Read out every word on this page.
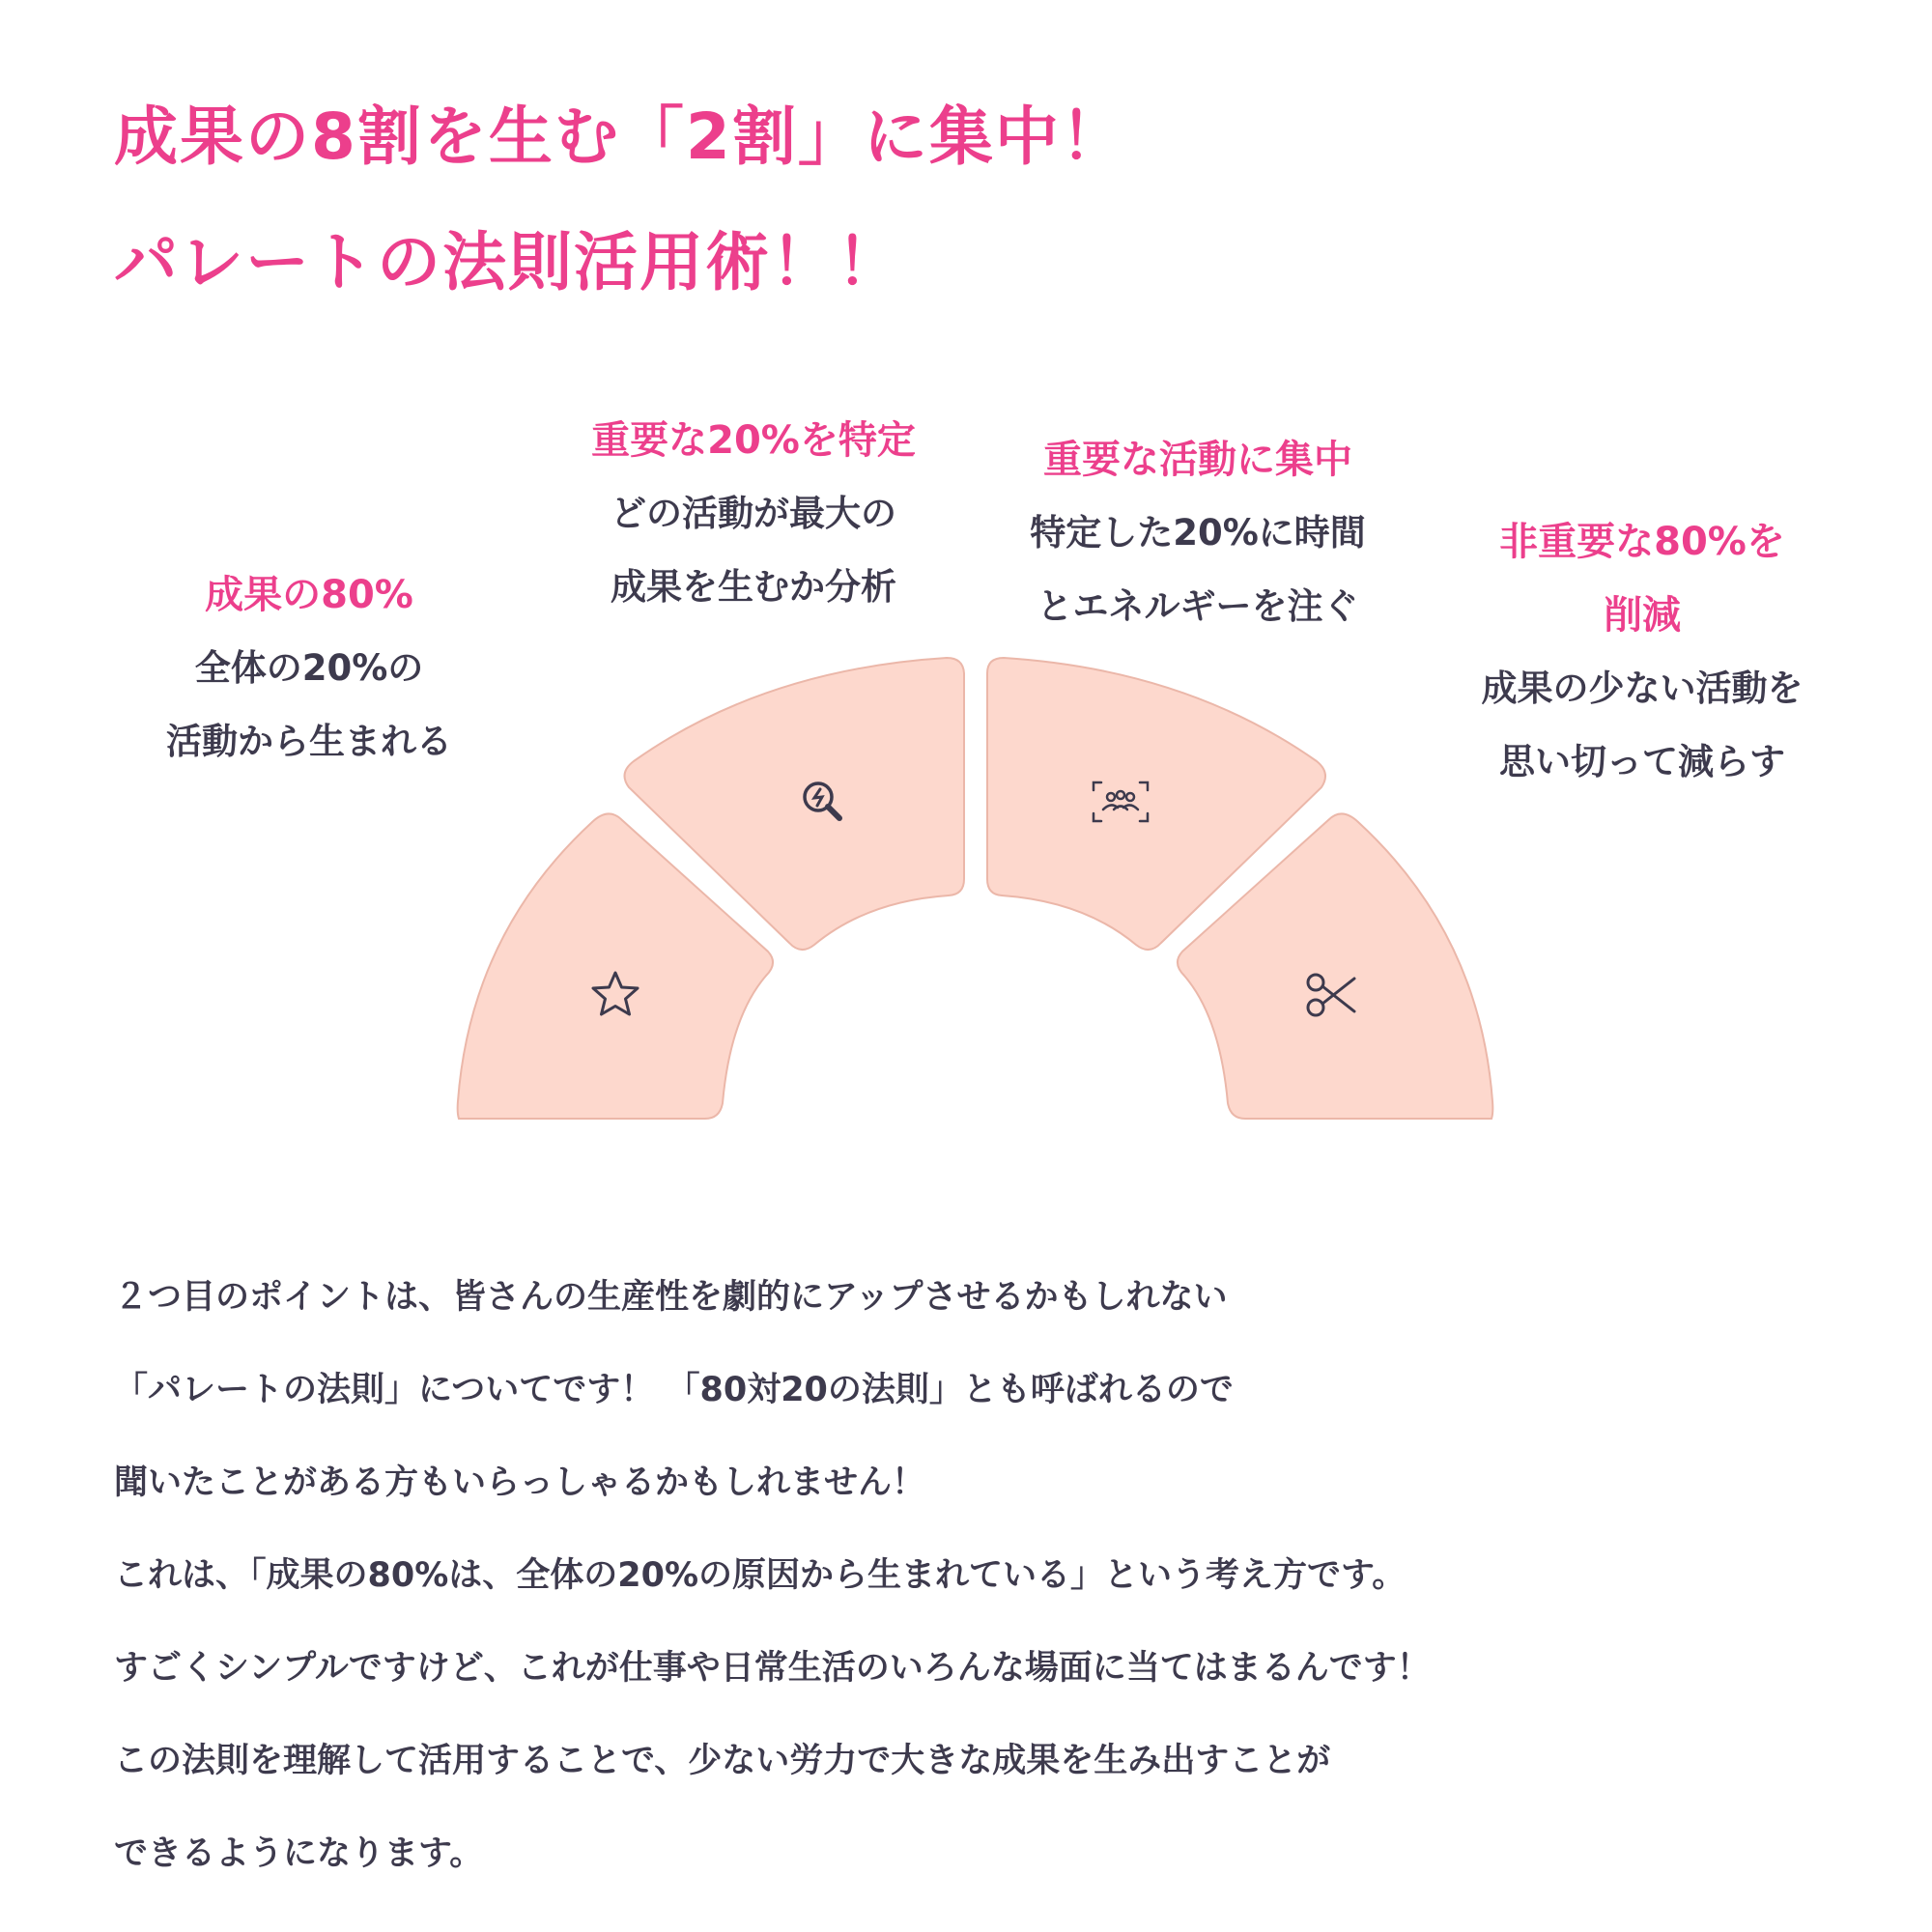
成果の8割を生む「2割」に集中！
パレートの法則活用術！！
成果の80%
全体の20%の
活動から生まれる
重要な20%を特定
どの活動が最大の
成果を生むか分析
重要な活動に集中
特定した20%に時間
とエネルギーを注ぐ
非重要な80%を
削減
成果の少ない活動を
思い切って減らす
２つ目のポイントは、皆さんの生産性を劇的にアップさせるかもしれない
「パレートの法則」についてです！ 「80対20の法則」とも呼ばれるので
聞いたことがある方もいらっしゃるかもしれません！
これは、「成果の80%は、全体の20%の原因から生まれている」という考え方です。
すごくシンプルですけど、これが仕事や日常生活のいろんな場面に当てはまるんです！
この法則を理解して活用することで、少ない労力で大きな成果を生み出すことが
できるようになります。
